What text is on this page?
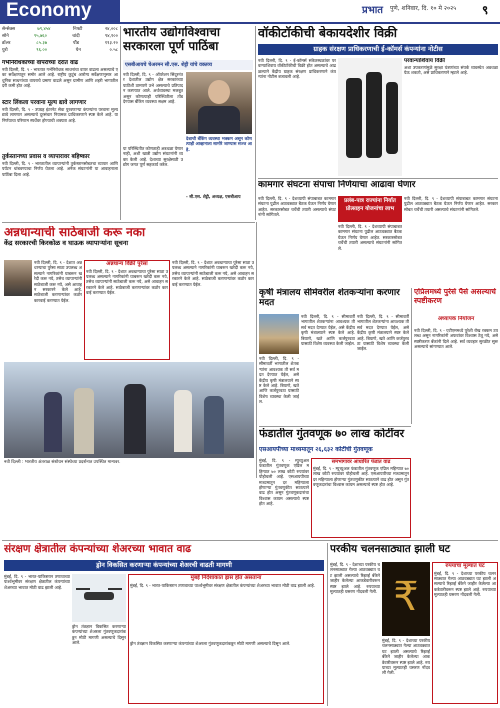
Economy	प्रभात पुणे, शनिवार, दि. १० मे २०२५ ९
सेन्सेक्स	७९,४५४	निफ्टी	२४,००८
सोने	९५,७६०	चांदी	९४,१००
डॉलर	८५.३७	पौंड	११३.२०
युरो	९६.००	येन	०.५८
गर्भनिरोधकाच्या वापराच्या दरात वाढ
नवी दिल्ली, दि. ९ - भारतात गर्भनिरोधक साधनांचा वापर वाढला असल्याचे एका सर्वेक्षणातून समोर आले आहे. राष्ट्रीय कुटुंब आरोग्य सर्वेक्षणानुसार आधुनिक साधनांच्या वापराचे प्रमाण वाढले असून ग्रामीण आणि शहरी भागातील दरी कमी होत आहे.
स्टार लिंकला परवाना मूल्य द्यावे लागणार
नवी दिल्ली, दि. ९ - उपग्रह इंटरनेट सेवा पुरवणाऱ्या कंपन्यांना परवाना मूल्य द्यावे लागणार असल्याचे दूरसंचार नियामक प्राधिकरणाने स्पष्ट केले आहे. या निर्णयाचा परिणाम स्पर्धेवर होण्याची शक्यता आहे.
तुर्कस्तानच्या प्रवास व व्यापारावर बहिष्कार
नवी दिल्ली, दि. ९ - भारतातील व्यापाऱ्यांनी तुर्कस्तानसोबतचा व्यापार आणि पर्यटन थांबवण्याचा निर्णय घेतला आहे. अनेक संघटनांनी या आवाहनाला पाठिंबा दिला आहे.
भारतीय उद्योगविश्वाचा
सरकारला पूर्ण पाठिंबा
एसबीआयचे चेअरमन सी.एस. शेट्टी यांचे वक्तव्य
नवी दिल्ली, दि. ९ - ऑपरेशन सिंदूरनंतर देशातील उद्योग क्षेत्र सरकारच्या पाठीशी ठामपणे उभे असल्याचे प्रतिपादन करण्यात आले. अर्थव्यवस्था मजबूत असून कोणत्याही परिस्थितीला तोंड देण्यास बँकिंग व्यवस्था सक्षम आहे.
या परिस्थितीत कोणताही अडथळा येणार नाही, अशी खात्री उद्योग संघटनांनी व्यक्त केली आहे. देशाच्या सुरक्षेसाठी उद्योग जगत पूर्ण सहकार्य करेल.
देशाची बँकिंग व्यवस्था भक्कम असून कोणत्याही आव्हानाला सामोरे जाण्यास सज्ज आहे.
- सी.एस. शेट्टी, अध्यक्ष, एसबीआय
वॉकीटॉकीची बेकायदेशीर विक्री
ग्राहक संरक्षण प्राधिकरणाची ई-कॉमर्स कंपन्यांना नोटीस
नवी दिल्ली, दि. ९ - ई-कॉमर्स संकेतस्थळांवर परवान्याशिवाय वॉकीटॉकीची विक्री होत असल्याचे आढळल्याने केंद्रीय ग्राहक संरक्षण प्राधिकरणाने कंपन्यांना नोटीस बजावली आहे.
परवान्याशिवाय विक्री
अशा उपकरणांमुळे सुरक्षा यंत्रणांच्या संपर्क व्यवस्थेत अडथळा येऊ शकतो, असे प्राधिकरणाने म्हटले आहे.
कामगार संघटना संपाचा निर्णयाचा आढावा घेणार
नवी दिल्ली, दि. ९ - देशव्यापी संपाबाबत कामगार संघटना पुढील आठवड्यात बैठक घेऊन निर्णय घेणार आहेत. सरकारसोबत चर्चेची तयारी असल्याचे संघटनांनी सांगितले.
प्रलंब-पात्र राज्यांना निर्यात प्रोत्साहन योजनांचा लाभ
नवी दिल्ली, दि. ९ - देशव्यापी संपाबाबत कामगार संघटना पुढील आठवड्यात बैठक घेऊन निर्णय घेणार आहेत. सरकारसोबत चर्चेची तयारी असल्याचे संघटनांनी सांगितले.
नवी दिल्ली, दि. ९ - देशव्यापी संपाबाबत कामगार संघटना पुढील आठवड्यात बैठक घेऊन निर्णय घेणार आहेत. सरकारसोबत चर्चेची तयारी असल्याचे संघटनांनी सांगितले.
अन्नधान्याची साठेबाजी करू नका
केंद्र सरकारची किरकोळ व घाऊक व्यापाऱ्यांना सूचना
नवी दिल्ली, दि. ९ - देशात अन्नधान्याचा पुरेसा साठा उपलब्ध असल्याने नागरिकांनी घाबरून खरेदी करू नये, तसेच व्यापाऱ्यांनी साठेबाजी करू नये, असे आवाहन सरकारने केले आहे. साठेबाजी करणाऱ्यांवर कठोर कारवाई करण्यात येईल.
अन्नधान्य विक्री पुरेसा
नवी दिल्ली, दि. ९ - देशात अन्नधान्याचा पुरेसा साठा उपलब्ध असल्याने नागरिकांनी घाबरून खरेदी करू नये, तसेच व्यापाऱ्यांनी साठेबाजी करू नये, असे आवाहन सरकारने केले आहे. साठेबाजी करणाऱ्यांवर कठोर कारवाई करण्यात येईल.
नवी दिल्ली, दि. ९ - देशात अन्नधान्याचा पुरेसा साठा उपलब्ध असल्याने नागरिकांनी घाबरून खरेदी करू नये, तसेच व्यापाऱ्यांनी साठेबाजी करू नये, असे आवाहन सरकारने केले आहे. साठेबाजी करणाऱ्यांवर कठोर कारवाई करण्यात येईल.
नवी दिल्ली : भारतीय अंतराळ संशोधन संस्थेच्या प्रदर्शनात उपस्थित मान्यवर.
कृषी मंत्रालय सीमेवरील शेतकऱ्यांना करणार मदत
नवी दिल्ली, दि. ९ - सीमावर्ती भागातील शेतकऱ्यांना आवश्यक ती सर्व मदत देण्यात येईल, असे केंद्रीय कृषी मंत्रालयाने स्पष्ट केले आहे. बियाणे, खते आणि कर्जपुरवठा यासाठी विशेष व्यवस्था केली जाईल.
नवी दिल्ली, दि. ९ - सीमावर्ती भागातील शेतकऱ्यांना आवश्यक ती सर्व मदत देण्यात येईल, असे केंद्रीय कृषी मंत्रालयाने स्पष्ट केले आहे. बियाणे, खते आणि कर्जपुरवठा यासाठी विशेष व्यवस्था केली जाईल.
नवी दिल्ली, दि. ९ - सीमावर्ती भागातील शेतकऱ्यांना आवश्यक ती सर्व मदत देण्यात येईल, असे केंद्रीय कृषी मंत्रालयाने स्पष्ट केले आहे. बियाणे, खते आणि कर्जपुरवठा यासाठी विशेष व्यवस्था केली जाईल.
एप्रिलमध्ये पुरेसे पैसे असल्याचे स्पष्टीकरण
अध्यापक नियोजन
नवी दिल्ली, दि. ९ - एटीएममध्ये पुरेशी रोख रक्कम उपलब्ध असून नागरिकांनी अफवांवर विश्वास ठेवू नये, असे स्पष्टीकरण बँकांनी दिले आहे. सर्व व्यवहार सुरळीत सुरू असल्याचे सांगण्यात आले.
फंडातील गुंतवणूक ७० लाख कोटींवर
एसआयपीच्या माध्यमातून २६,६३२ कोटींची गुंतवणूक
मुंबई, दि. ९ - म्युच्युअल फंडातील गुंतवणूक एप्रिल महिन्यात ७० लाख कोटी रुपयांवर पोहोचली आहे. एसआयपीच्या माध्यमातून दर महिन्याला होणाऱ्या गुंतवणुकीत सातत्याने वाढ होत असून गुंतवणूकदारांचा विश्वास कायम असल्याचे स्पष्ट होत आहे.
समभागावर आधारित फंडात वाढ
मुंबई, दि. ९ - म्युच्युअल फंडातील गुंतवणूक एप्रिल महिन्यात ७० लाख कोटी रुपयांवर पोहोचली आहे. एसआयपीच्या माध्यमातून दर महिन्याला होणाऱ्या गुंतवणुकीत सातत्याने वाढ होत असून गुंतवणूकदारांचा विश्वास कायम असल्याचे स्पष्ट होत आहे.
संरक्षण क्षेत्रातील कंपन्यांच्या शेअरच्या भावात वाढ
ड्रोन विकसित करणाऱ्या कंपन्यांच्या शेअरची वाढती मागणी
मुंबई, दि. ९ - भारत-पाकिस्तान तणावाच्या पार्श्वभूमीवर संरक्षण क्षेत्रातील कंपन्यांच्या शेअरच्या भावात मोठी वाढ झाली आहे.
ड्रोन तंत्रज्ञान विकसित करणाऱ्या कंपन्यांच्या शेअरला गुंतवणूकदारांकडून मोठी मागणी असल्याचे दिसून आले.
मुंबई निर्देशांकात ह्रास होत असताना
मुंबई, दि. ९ - भारत-पाकिस्तान तणावाच्या पार्श्वभूमीवर संरक्षण क्षेत्रातील कंपन्यांच्या शेअरच्या भावात मोठी वाढ झाली आहे.
ड्रोन तंत्रज्ञान विकसित करणाऱ्या कंपन्यांच्या शेअरला गुंतवणूकदारांकडून मोठी मागणी असल्याचे दिसून आले.
परकीय चलनसाठ्यात झाली घट
मुंबई, दि. ९ - देशाच्या परकीय चलनसाठ्यात गेल्या आठवड्यात घट झाली असल्याचे रिझर्व्ह बँकेने जाहीर केलेल्या आकडेवारीवरून स्पष्ट झाले आहे. रुपयाच्या मूल्यातही घसरण नोंदवली गेली. ₹
मुंबई, दि. ९ - देशाच्या परकीय चलनसाठ्यात गेल्या आठवड्यात घट झाली असल्याचे रिझर्व्ह बँकेने जाहीर केलेल्या आकडेवारीवरून स्पष्ट झाले आहे. रुपयाच्या मूल्यातही घसरण नोंदवली गेली.
रुपयाचा मूल्यात घट
मुंबई, दि. ९ - देशाच्या परकीय चलनसाठ्यात गेल्या आठवड्यात घट झाली असल्याचे रिझर्व्ह बँकेने जाहीर केलेल्या आकडेवारीवरून स्पष्ट झाले आहे. रुपयाच्या मूल्यातही घसरण नोंदवली गेली.
